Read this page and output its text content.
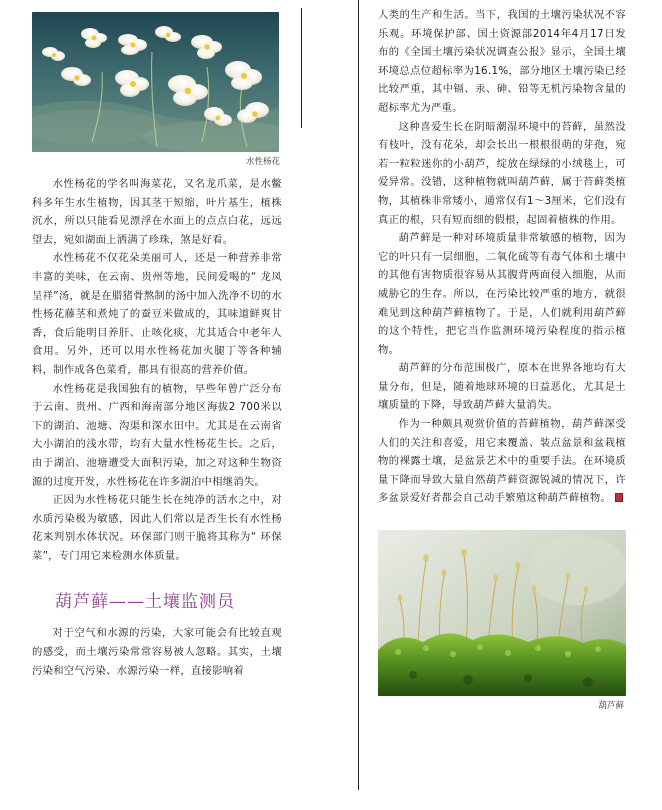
水性杨花

水性杨花的学名叫海菜花，又名龙爪菜，是水鳖科多年生水生植物，因其茎干短缩，叶片基生，植株沉水，所以只能看见漂浮在水面上的点点白花，远远望去，宛如湖面上洒满了珍珠，煞是好看。

水性杨花不仅花朵美丽可人，还是一种营养非常丰富的美味，在云南、贵州等地，民间爱喝的“ 龙凤呈祥”汤，就是在腊猪骨熬制的汤中加入洗净不切的水性杨花藤茎和煮炖了的蚕豆米做成的，其味道鲜爽甘香，食后能明目养肝、止咳化痰，尤其适合中老年人食用。另外，还可以用水性杨花加火腿丁等各种辅料，制作成各色菜肴，都具有很高的营养价值。

水性杨花是我国独有的植物，早些年曾广泛分布于云南、贵州、广西和海南部分地区海拔2 700米以下的湖泊、池塘、沟渠和深水田中。尤其是在云南省大小湖泊的浅水带，均有大量水性杨花生长。之后，由于湖泊、池塘遭受大面积污染，加之对这种生物资源的过度开发，水性杨花在许多湖泊中相继消失。

正因为水性杨花只能生长在纯净的活水之中，对水质污染极为敏感，因此人们常以是否生长有水性杨花来判别水体状况。环保部门则干脆将其称为“ 环保菜”，专门用它来检测水体质量。

葫芦藓——土壤监测员

对于空气和水源的污染，大家可能会有比较直观的感受，而土壤污染常常容易被人忽略。其实，土壤污染和空气污染、水源污染一样，直接影响着

人类的生产和生活。当下，我国的土壤污染状况不容乐观。环境保护部、国土资源部2014年4月17日发布的《全国土壤污染状况调查公报》显示，全国土壤环境总点位超标率为16.1%，部分地区土壤污染已经比较严重，其中镉、汞、砷、铅等无机污染物含量的超标率尤为严重。

这种喜爱生长在阴暗潮湿环境中的苔藓，虽然没有枝叶，没有花朵，却会长出一根根很萌的芽孢，宛若一粒粒迷你的小葫芦，绽放在绿绿的小绒毯上，可爱异常。没错，这种植物就叫葫芦藓，属于苔藓类植物，其植株非常矮小，通常仅有1～3厘米，它们没有真正的根，只有短而细的假根，起固着植株的作用。

葫芦藓是一种对环境质量非常敏感的植物，因为它的叶只有一层细胞，二氧化硫等有毒气体和土壤中的其他有害物质很容易从其腹背两面侵入细胞，从而威胁它的生存。所以，在污染比较严重的地方，就很难见到这种葫芦藓植物了。于是，人们就利用葫芦藓的这个特性，把它当作监测环境污染程度的指示植物。

葫芦藓的分布范围极广，原本在世界各地均有大量分布，但是，随着地球环境的日益恶化，尤其是土壤质量的下降，导致葫芦藓大量消失。

作为一种颇具观赏价值的苔藓植物，葫芦藓深受人们的关注和喜爱，用它来覆盖、装点盆景和盆栽植物的裸露土壤，是盆景艺术中的重要手法。在环境质量下降而导致大量自然葫芦藓资源锐减的情况下，许多盆景爱好者都会自己动手繁殖这种葫芦藓植物。

葫芦藓
